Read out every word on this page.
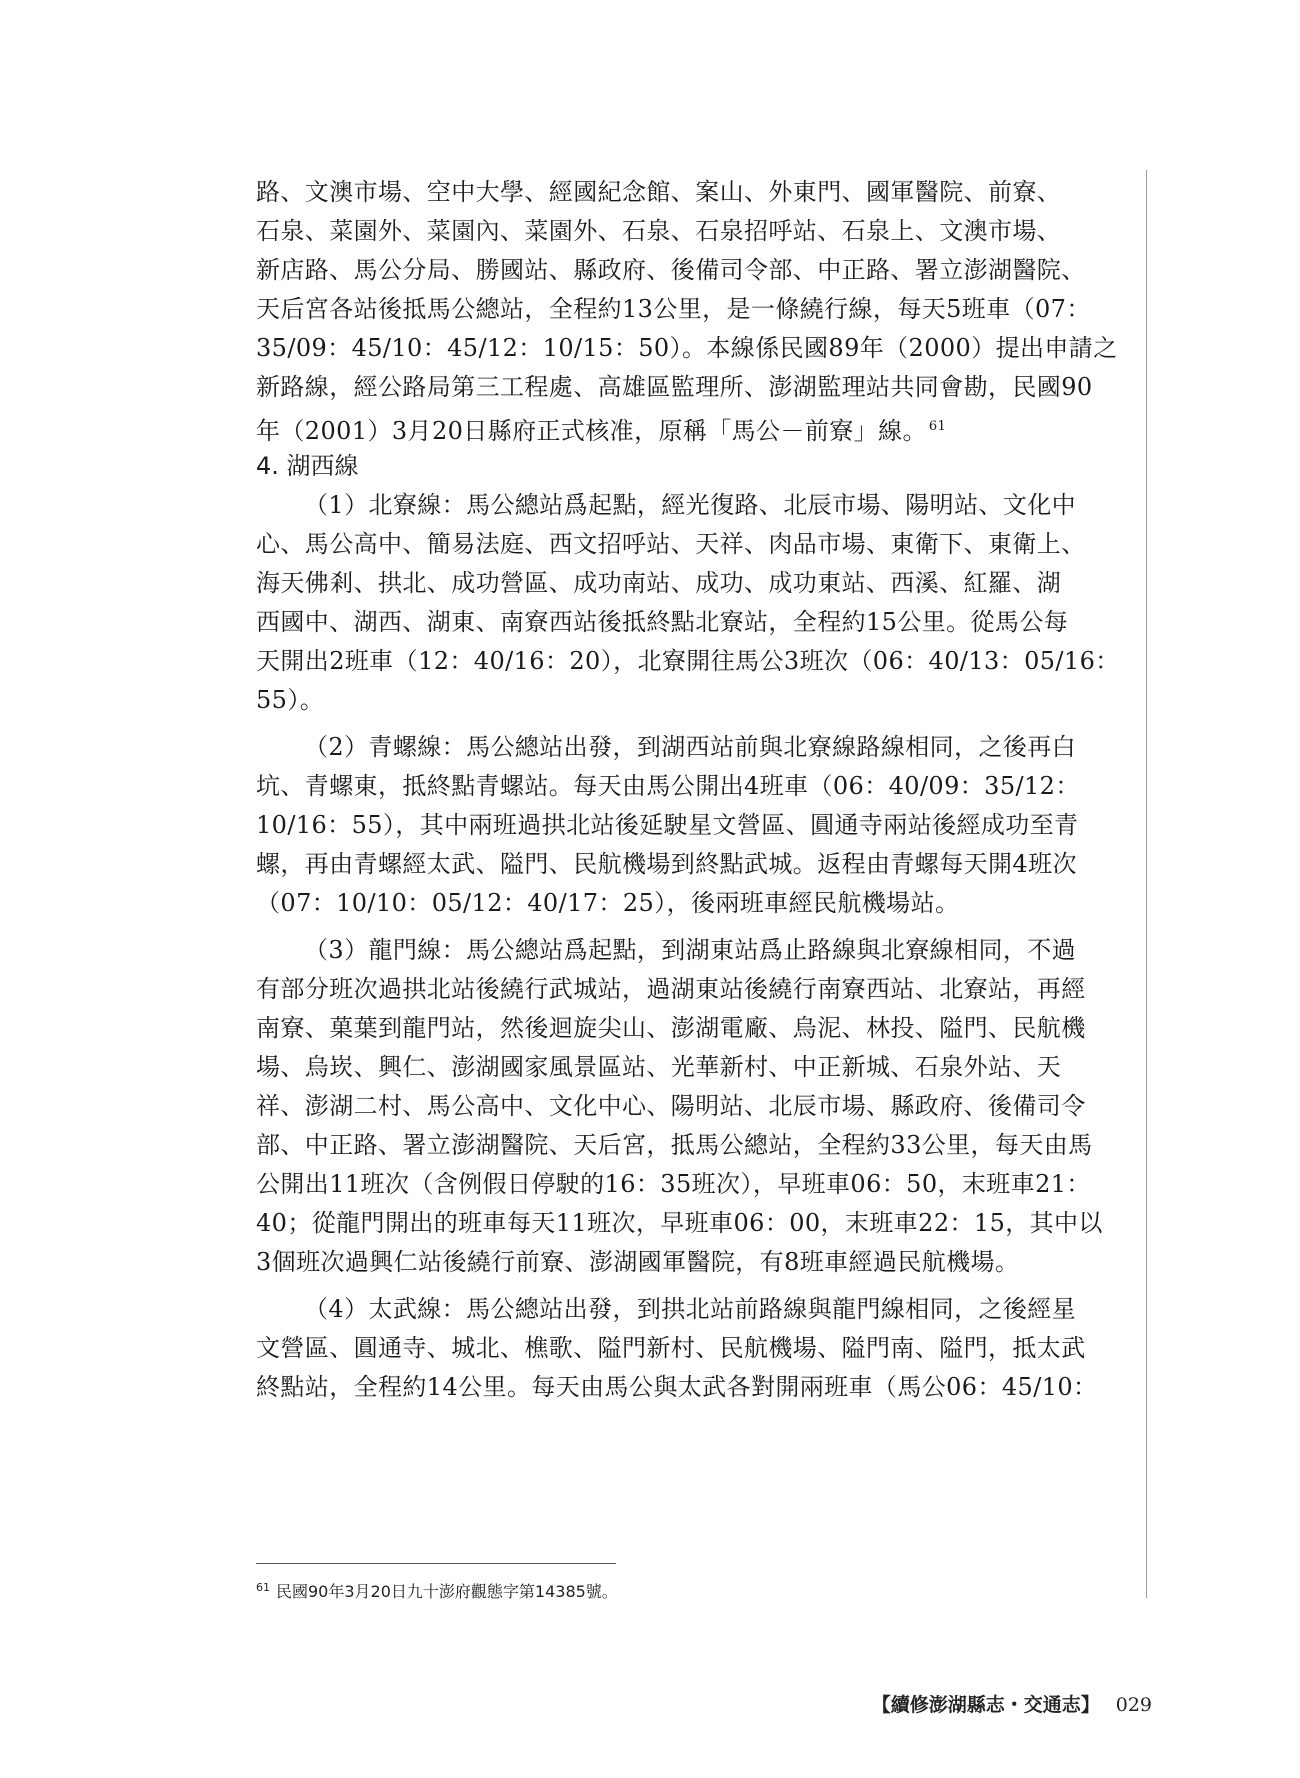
路、文澳市場、空中大學、經國紀念館、案山、外東門、國軍醫院、前寮、
石泉、菜園外、菜園內、菜園外、石泉、石泉招呼站、石泉上、文澳市場、
新店路、馬公分局、勝國站、縣政府、後備司令部、中正路、署立澎湖醫院、
天后宮各站後抵馬公總站，全程約13公里，是一條繞行線，每天5班車（07：
35/09：45/10：45/12：10/15：50）。本線係民國89年（2000）提出申請之
新路線，經公路局第三工程處、高雄區監理所、澎湖監理站共同會勘，民國90
年（2001）3月20日縣府正式核准，原稱「馬公－前寮」線。 $^{61}$
4. 湖西線
（1）北寮線：馬公總站爲起點，經光復路、北辰市場、陽明站、文化中
心、馬公高中、簡易法庭、西文招呼站、天祥、肉品市場、東衛下、東衛上、
海天佛剎、拱北、成功營區、成功南站、成功、成功東站、西溪、紅羅、湖
西國中、湖西、湖東、南寮西站後抵終點北寮站，全程約15公里。從馬公每
天開出2班車（12：40/16：20），北寮開往馬公3班次（06：40/13：05/16：
55）。
（2）青螺線：馬公總站出發，到湖西站前與北寮線路線相同，之後再白
坑、青螺東，抵終點青螺站。每天由馬公開出4班車（06：40/09：35/12：
10/16：55），其中兩班過拱北站後延駛星文營區、圓通寺兩站後經成功至青
螺，再由青螺經太武、隘門、民航機場到終點武城。返程由青螺每天開4班次
（07：10/10：05/12：40/17：25），後兩班車經民航機場站。
（3）龍門線：馬公總站爲起點，到湖東站爲止路線與北寮線相同，不過
有部分班次過拱北站後繞行武城站，過湖東站後繞行南寮西站、北寮站，再經
南寮、菓葉到龍門站，然後迴旋尖山、澎湖電廠、烏泥、林投、隘門、民航機
場、烏崁、興仁、澎湖國家風景區站、光華新村、中正新城、石泉外站、天
祥、澎湖二村、馬公高中、文化中心、陽明站、北辰市場、縣政府、後備司令
部、中正路、署立澎湖醫院、天后宮，抵馬公總站，全程約33公里，每天由馬
公開出11班次（含例假日停駛的16：35班次），早班車06：50，末班車21：
40；從龍門開出的班車每天11班次，早班車06：00，末班車22：15，其中以
3個班次過興仁站後繞行前寮、澎湖國軍醫院，有8班車經過民航機場。
（4）太武線：馬公總站出發，到拱北站前路線與龍門線相同，之後經星
文營區、圓通寺、城北、樵歌、隘門新村、民航機場、隘門南、隘門，抵太武
終點站，全程約14公里。每天由馬公與太武各對開兩班車（馬公06：45/10：
$^{61}$ 民國90年3月20日九十澎府觀態字第14385號。
【續修澎湖縣志・交通志】 029
